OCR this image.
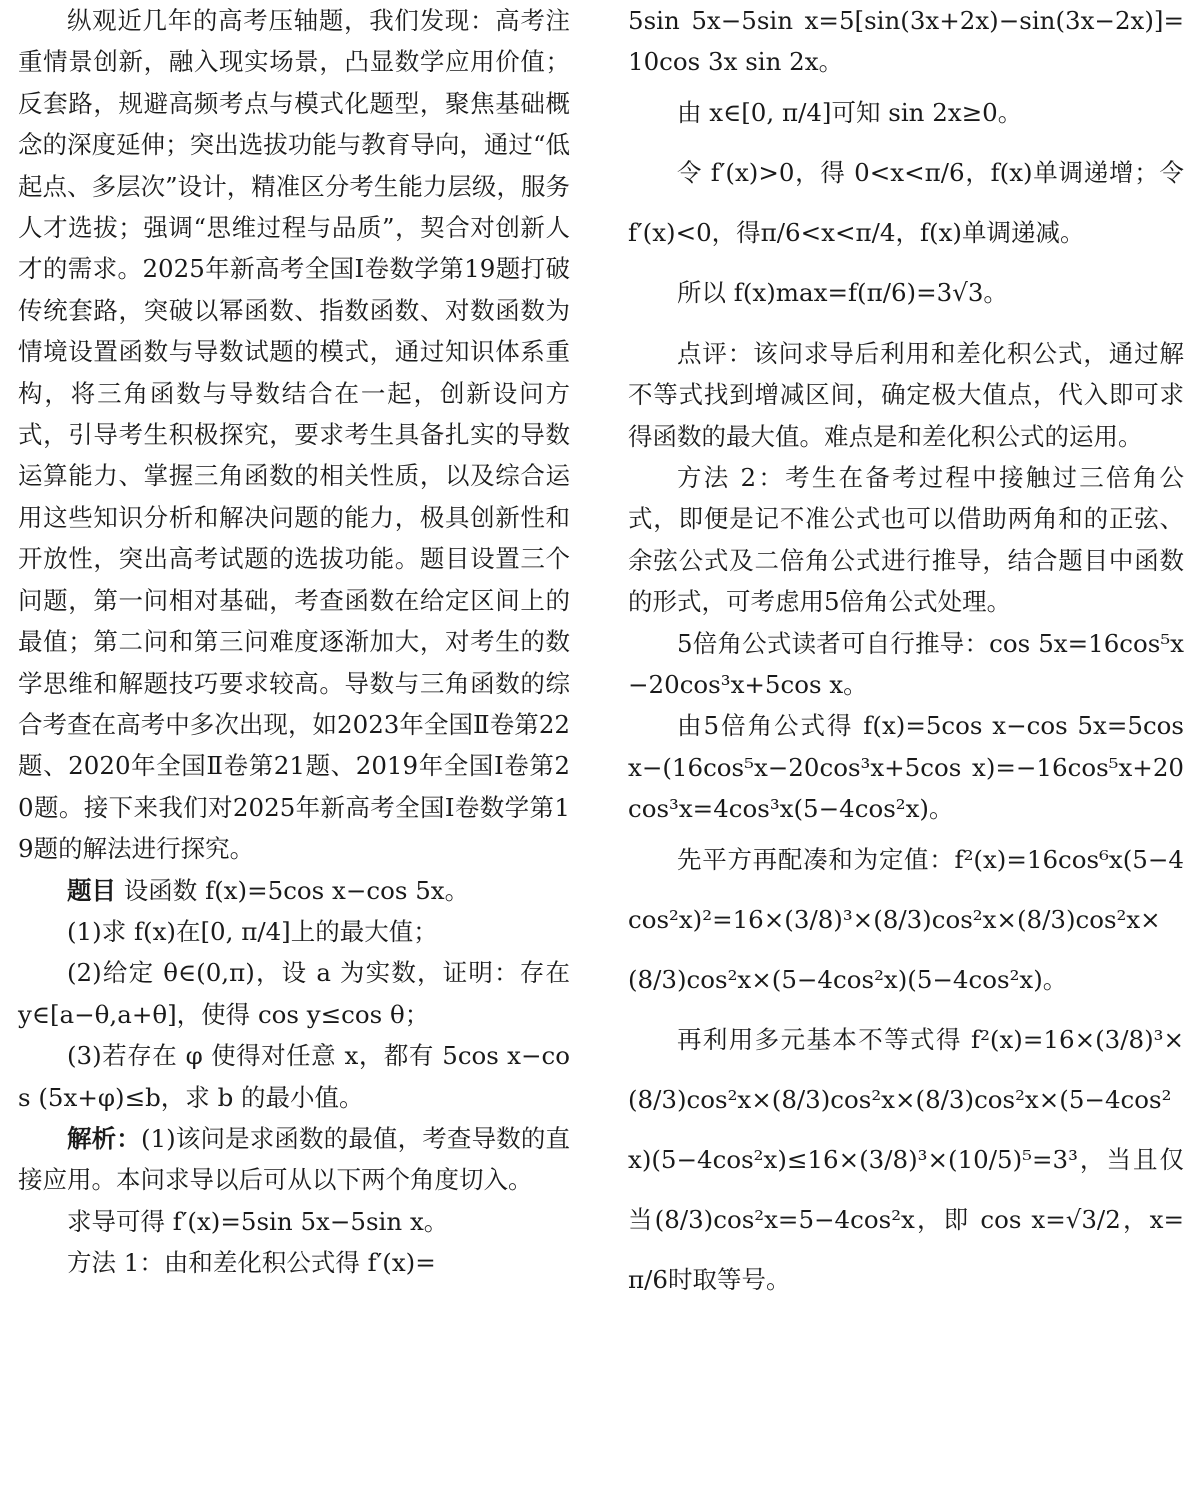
纵观近几年的高考压轴题，我们发现：高考注重情景创新，融入现实场景，凸显数学应用价值；反套路，规避高频考点与模式化题型，聚焦基础概念的深度延伸；突出选拔功能与教育导向，通过“低起点、多层次”设计，精准区分考生能力层级，服务人才选拔；强调“思维过程与品质”，契合对创新人才的需求。2025年新高考全国Ⅰ卷数学第19题打破传统套路，突破以幂函数、指数函数、对数函数为情境设置函数与导数试题的模式，通过知识体系重构，将三角函数与导数结合在一起，创新设问方式，引导考生积极探究，要求考生具备扎实的导数运算能力、掌握三角函数的相关性质，以及综合运用这些知识分析和解决问题的能力，极具创新性和开放性，突出高考试题的选拔功能。题目设置三个问题，第一问相对基础，考查函数在给定区间上的最值；第二问和第三问难度逐渐加大，对考生的数学思维和解题技巧要求较高。导数与三角函数的综合考查在高考中多次出现，如2023年全国Ⅱ卷第22题、2020年全国Ⅱ卷第21题、2019年全国Ⅰ卷第20题。接下来我们对2025年新高考全国Ⅰ卷数学第19题的解法进行探究。

题目 设函数 f(x)=5cos x−cos 5x。

(1)求 f(x)在[0, π/4]上的最大值；

(2)给定 θ∈(0,π)，设 a 为实数，证明：存在 y∈[a−θ,a+θ]，使得 cos y≤cos θ；

(3)若存在 φ 使得对任意 x，都有 5cos x−cos (5x+φ)≤b，求 b 的最小值。

解析：(1)该问是求函数的最值，考查导数的直接应用。本问求导以后可从以下两个角度切入。

求导可得 f′(x)=5sin 5x−5sin x。

方法 1：由和差化积公式得 f′(x)=

5sin 5x−5sin x=5[sin(3x+2x)−sin(3x−2x)]=10cos 3x sin 2x。

由 x∈[0, π/4]可知 sin 2x≥0。

令 f′(x)>0，得 0<x<π/6，f(x)单调递增；令 f′(x)<0，得π/6<x<π/4，f(x)单调递减。

所以 f(x)max=f(π/6)=3√3。

点评：该问求导后利用和差化积公式，通过解不等式找到增减区间，确定极大值点，代入即可求得函数的最大值。难点是和差化积公式的运用。

方法 2：考生在备考过程中接触过三倍角公式，即便是记不准公式也可以借助两角和的正弦、余弦公式及二倍角公式进行推导，结合题目中函数的形式，可考虑用5倍角公式处理。

5倍角公式读者可自行推导：cos 5x=16cos⁵x−20cos³x+5cos x。

由5倍角公式得 f(x)=5cos x−cos 5x=5cos x−(16cos⁵x−20cos³x+5cos x)=−16cos⁵x+20cos³x=4cos³x(5−4cos²x)。

先平方再配凑和为定值：f²(x)=16cos⁶x(5−4cos²x)²=16×(3/8)³×(8/3)cos²x×(8/3)cos²x×(8/3)cos²x×(5−4cos²x)(5−4cos²x)。

再利用多元基本不等式得 f²(x)=16×(3/8)³×(8/3)cos²x×(8/3)cos²x×(8/3)cos²x×(5−4cos²x)(5−4cos²x)≤16×(3/8)³×(10/5)⁵=3³，当且仅当(8/3)cos²x=5−4cos²x，即 cos x=√3/2，x=π/6时取等号。
